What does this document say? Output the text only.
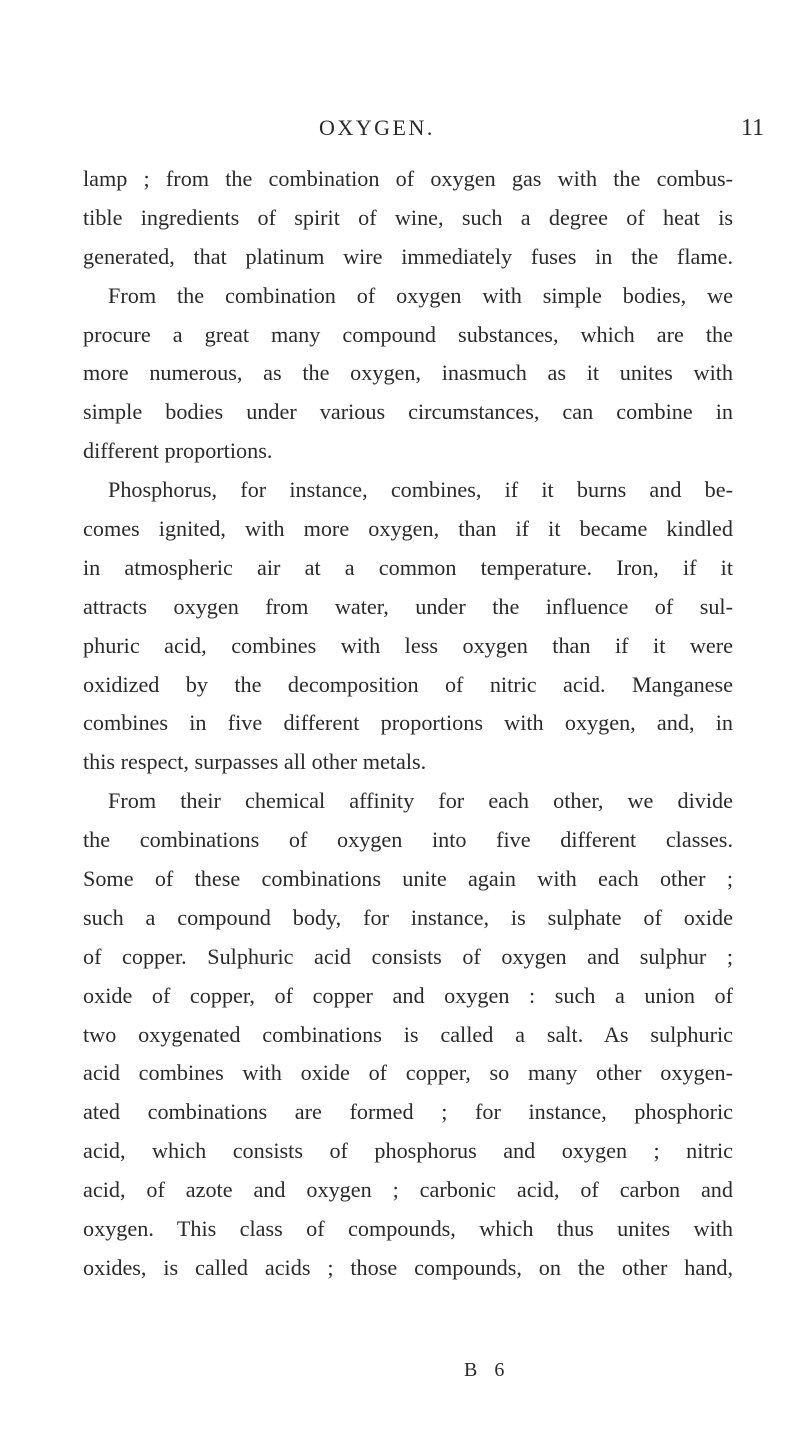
OXYGEN.	11
lamp ; from the combination of oxygen gas with the combus-
tible ingredients of spirit of wine, such a degree of heat is
generated, that platinum wire immediately fuses in the flame.
From the combination of oxygen with simple bodies, we
procure a great many compound substances, which are the
more numerous, as the oxygen, inasmuch as it unites with
simple bodies under various circumstances, can combine in
different proportions.
Phosphorus, for instance, combines, if it burns and be-
comes ignited, with more oxygen, than if it became kindled
in atmospheric air at a common temperature. Iron, if it
attracts oxygen from water, under the influence of sul-
phuric acid, combines with less oxygen than if it were
oxidized by the decomposition of nitric acid. Manganese
combines in five different proportions with oxygen, and, in
this respect, surpasses all other metals.
From their chemical affinity for each other, we divide
the combinations of oxygen into five different classes.
Some of these combinations unite again with each other ;
such a compound body, for instance, is sulphate of oxide
of copper. Sulphuric acid consists of oxygen and sulphur ;
oxide of copper, of copper and oxygen : such a union of
two oxygenated combinations is called a salt. As sulphuric
acid combines with oxide of copper, so many other oxygen-
ated combinations are formed ; for instance, phosphoric
acid, which consists of phosphorus and oxygen ; nitric
acid, of azote and oxygen ; carbonic acid, of carbon and
oxygen. This class of compounds, which thus unites with
oxides, is called acids ; those compounds, on the other hand,
B 6
